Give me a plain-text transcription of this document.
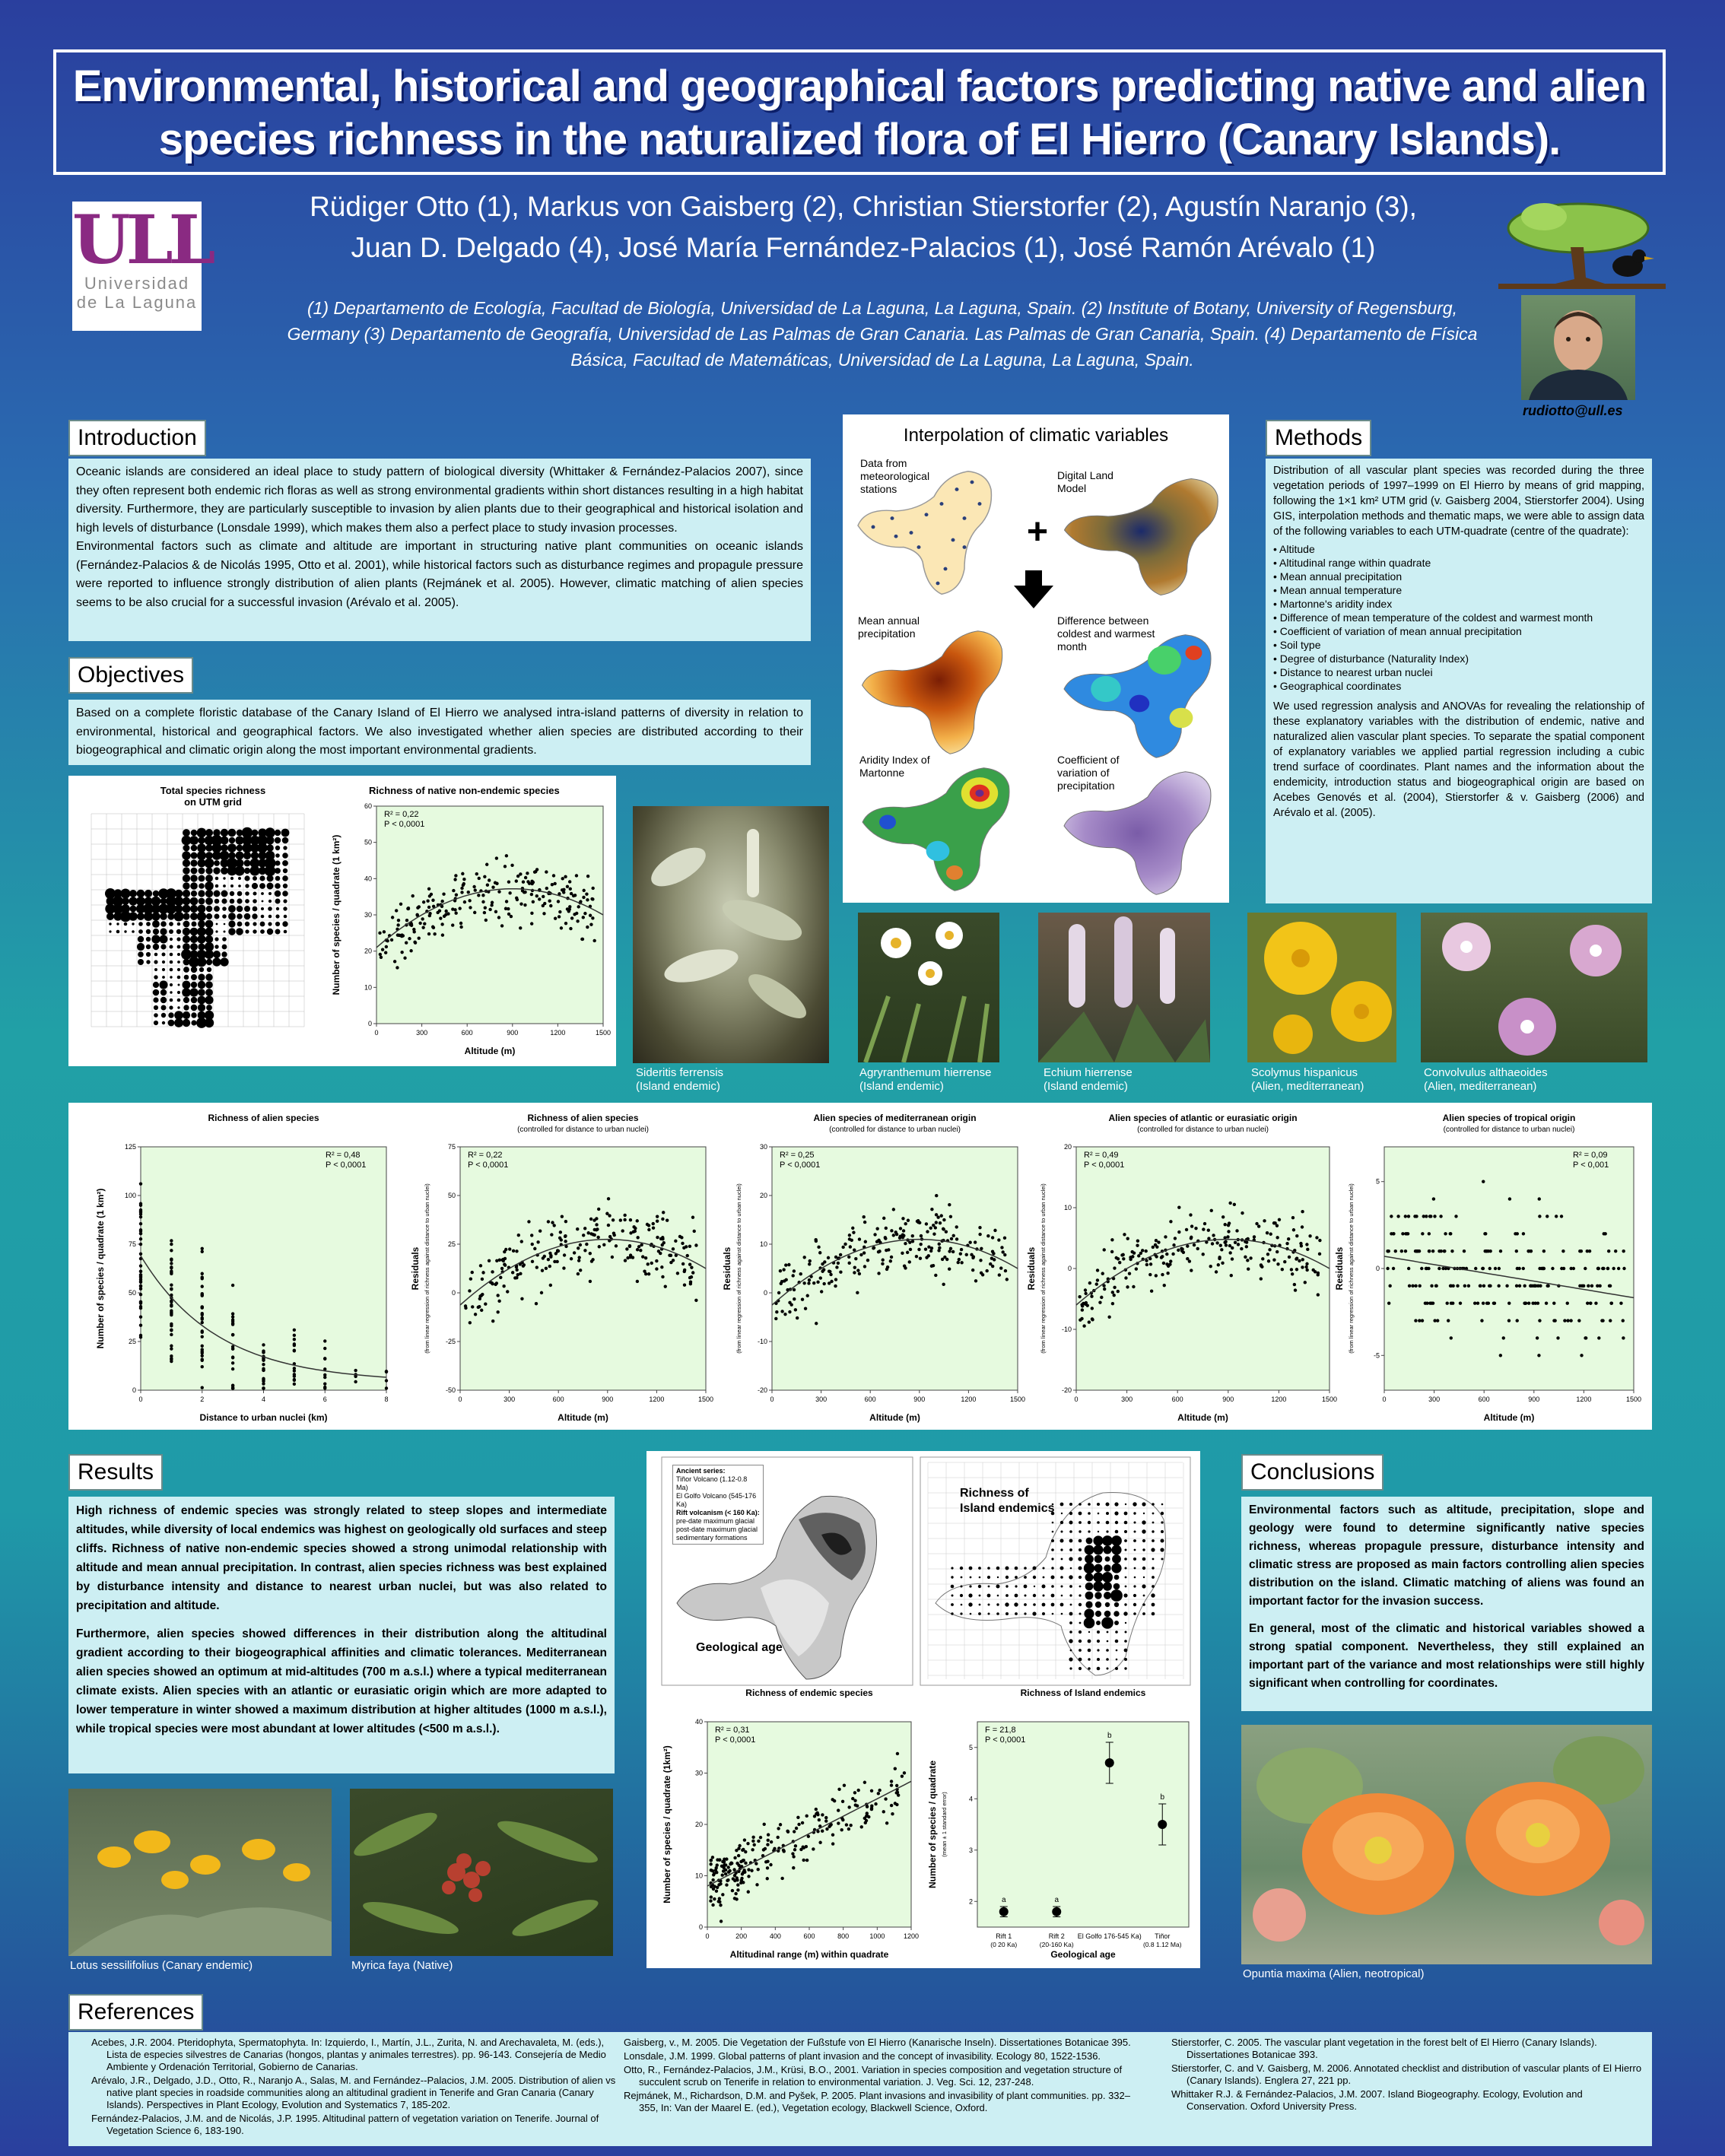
Environmental, historical and geographical factors predicting native and alien species richness in the naturalized flora of El Hierro (Canary Islands).
ULL
Universidad
de La Laguna
Rüdiger Otto (1), Markus von Gaisberg (2), Christian Stierstorfer (2), Agustín Naranjo (3),
Juan D. Delgado (4), José María Fernández-Palacios (1), José Ramón Arévalo (1)
(1) Departamento de Ecología, Facultad de Biología, Universidad de La Laguna, La Laguna, Spain. (2) Institute of Botany, University of Regensburg, Germany (3) Departamento de Geografía, Universidad de Las Palmas de Gran Canaria. Las Palmas de Gran Canaria, Spain. (4) Departamento de Física Básica, Facultad de Matemáticas, Universidad de La Laguna, La Laguna, Spain.
rudiotto@ull.es
Introduction
Oceanic islands are considered an ideal place to study pattern of biological diversity (Whittaker & Fernández-Palacios 2007), since they often represent both endemic rich floras as well as strong environmental gradients within short distances resulting in a high habitat diversity. Furthermore, they are particularly susceptible to invasion by alien plants due to their geographical and historical isolation and high levels of disturbance (Lonsdale 1999), which makes them also a perfect place to study invasion processes.
Environmental factors such as climate and altitude are important in structuring native plant communities on oceanic islands (Fernández-Palacios & de Nicolás 1995, Otto et al. 2001), while historical factors such as disturbance regimes and propagule pressure were reported to influence strongly distribution of alien plants (Rejmánek et al. 2005). However, climatic matching of alien species seems to be also crucial for a successful invasion (Arévalo et al. 2005).
Objectives
Based on a complete floristic database of the Canary Island of El Hierro we analysed intra-island patterns of diversity in relation to environmental, historical and geographical factors. We also investigated whether alien species are distributed according to their biogeographical and climatic origin along the most important environmental gradients.
Total species richness
on UTM grid
Richness of native non-endemic species
0	300	600	900	1200	1500
0
10
20
30
40
50
60
Altitude (m)
Number of species / quadrate (1 km²)
R² = 0,22
P < 0,0001
Sideritis ferrensis
(Island endemic)
Interpolation of climatic variables
Data from meteorological stations
Digital Land Model
Mean annual precipitation
Difference between coldest and warmest month
Aridity Index of Martonne
Coefficient of variation of precipitation
+
Methods
Distribution of all vascular plant species was recorded during the three vegetation periods of 1997–1999 on El Hierro by means of grid mapping, following the 1×1 km² UTM grid (v. Gaisberg 2004, Stierstorfer 2004). Using GIS, interpolation methods and thematic maps, we were able to assign data of the following variables to each UTM-quadrate (centre of the quadrate):
• Altitude
• Altitudinal range within quadrate
• Mean annual precipitation
• Mean annual temperature
• Martonne's aridity index
• Difference of mean temperature of the coldest and warmest month
• Coefficient of variation of mean annual precipitation
• Soil type
• Degree of disturbance (Naturality Index)
• Distance to nearest urban nuclei
• Geographical coordinates
We used regression analysis and ANOVAs for revealing the relationship of these explanatory variables with the distribution of endemic, native and naturalized alien vascular plant species. To separate the spatial component of explanatory variables we applied partial regression including a cubic trend surface of coordinates. Plant names and the information about the endemicity, introduction status and biogeographical origin are based on Acebes Genovés et al. (2004), Stierstorfer & v. Gaisberg (2006) and Arévalo et al. (2005).
Agryranthemum hierrense
(Island endemic)
Echium hierrense
(Island endemic)
Scolymus hispanicus
(Alien, mediterranean)
Convolvulus althaeoides
(Alien, mediterranean)
Richness of alien species
0	2	4	6	8
0
25
50
75
100
125
Distance to urban nuclei (km)
Number of species / quadrate (1 km²)
R² = 0,48
P < 0,0001
Richness of alien species
(controlled for distance to urban nuclei)
0	300	600	900	1200	1500
-50
-25
0
25
50
75
Altitude (m)
Residuals (from linear regression of richness against distance to urban nuclei)
R² = 0,22
P < 0,0001
Alien species of mediterranean origin
(controlled for distance to urban nuclei)
0	300	600	900	1200	1500
-20
-10
0
10
20
30
Altitude (m)
Residuals (from linear regression of richness against distance to urban nuclei)
R² = 0,25
P < 0,0001
Alien species of atlantic or eurasiatic origin
(controlled for distance to urban nuclei)
0	300	600	900	1200	1500
-20
-10
0
10
20
Altitude (m)
Residuals (from linear regression of richness against distance to urban nuclei)
R² = 0,49
P < 0,0001
Alien species of tropical origin
(controlled for distance to urban nuclei)
0	300	600	900	1200	1500
-5
0
5
Altitude (m)
Residuals (from linear regression of richness against distance to urban nuclei)
R² = 0,09
P < 0,001
Results
High richness of endemic species was strongly related to steep slopes and intermediate altitudes, while diversity of local endemics was highest on geologically old surfaces and steep cliffs. Richness of native non-endemic species showed a strong unimodal relationship with altitude and mean annual precipitation. In contrast, alien species richness was best explained by disturbance intensity and distance to nearest urban nuclei, but was also related to precipitation and altitude.
Furthermore, alien species showed differences in their distribution along the altitudinal gradient according to their biogeographical affinities and climatic tolerances. Mediterranean alien species showed an optimum at mid-altitudes (700 m a.s.l.) where a typical mediterranean climate exists. Alien species with an atlantic or eurasiatic origin which are more adapted to lower temperature in winter showed a maximum distribution at higher altitudes (1000 m a.s.l.), while tropical species were most abundant at lower altitudes (<500 m a.s.l.).
Lotus sessilifolius (Canary endemic)	Myrica faya (Native)
Ancient series:
Tiñor Volcano (1.12-0.8 Ma)
El Golfo Volcano (545-176 Ka)
Rift volcanism (< 160 Ka):
pre-date maximum glacial
post-date maximum glacial
sedimentary formations
Geological age
Richness of
Island endemics
Richness of endemic species
0	200	400	600	800	1000	1200
0
10
20
30
40
Altitudinal range (m) within quadrate
Number of species / quadrate (1km²)
R² = 0,31
P < 0,0001
Richness of Island endemics
2
3
4
5
Geological age
Number of species / quadrate (mean ± 1 standard error)
F = 21,8
P < 0,0001
a
Rift 1
(0 20 Ka)
a
Rift 2
(20-160 Ka)
b
El Golfo 176-545 Ka)
b
Tiñor
(0.8 1.12 Ma)
Conclusions
Environmental factors such as altitude, precipitation, slope and geology were found to determine significantly native species richness, whereas propagule pressure, disturbance intensity and climatic stress are proposed as main factors controlling alien species distribution on the island. Climatic matching of aliens was found an important factor for the invasion success.
En general, most of the climatic and historical variables showed a strong spatial component. Nevertheless, they still explained an important part of the variance and most relationships were still highly significant when controlling for coordinates.
Opuntia maxima (Alien, neotropical)
References

Acebes, J.R. 2004. Pteridophyta, Spermatophyta. In: Izquierdo, I., Martín, J.L., Zurita, N. and Arechavaleta, M. (eds.), Lista de especies silvestres de Canarias (hongos, plantas y animales terrestres). pp. 96-143. Consejería de Medio Ambiente y Ordenación Territorial, Gobierno de Canarias.

Arévalo, J.R., Delgado, J.D., Otto, R., Naranjo A., Salas, M. and Fernández--Palacios, J.M. 2005. Distribution of alien vs native plant species in roadside communities along an altitudinal gradient in Tenerife and Gran Canaria (Canary Islands). Perspectives in Plant Ecology, Evolution and Systematics 7, 185-202.

Fernández-Palacios, J.M. and de Nicolás, J.P. 1995. Altitudinal pattern of vegetation variation on Tenerife. Journal of Vegetation Science 6, 183-190.

Gaisberg, v., M. 2005. Die Vegetation der Fußstufe von El Hierro (Kanarische Inseln). Dissertationes Botanicae 395.

Lonsdale, J.M. 1999. Global patterns of plant invasion and the concept of invasibility. Ecology 80, 1522-1536.

Otto, R., Fernández-Palacios, J.M., Krüsi, B.O., 2001. Variation in species composition and vegetation structure of succulent scrub on Tenerife in relation to environmental variation. J. Veg. Sci. 12, 237-248.

Rejmánek, M., Richardson, D.M. and Pyšek, P. 2005. Plant invasions and invasibility of plant communities. pp. 332–355, In: Van der Maarel E. (ed.), Vegetation ecology, Blackwell Science, Oxford.

Stierstorfer, C. 2005. The vascular plant vegetation in the forest belt of El Hierro (Canary Islands). Dissertationes Botanicae 393.

Stierstorfer, C. and V. Gaisberg, M. 2006. Annotated checklist and distribution of vascular plants of El Hierro (Canary Islands). Englera 27, 221 pp.

Whittaker R.J. & Fernández-Palacios, J.M. 2007. Island Biogeography. Ecology, Evolution and Conservation. Oxford University Press.
